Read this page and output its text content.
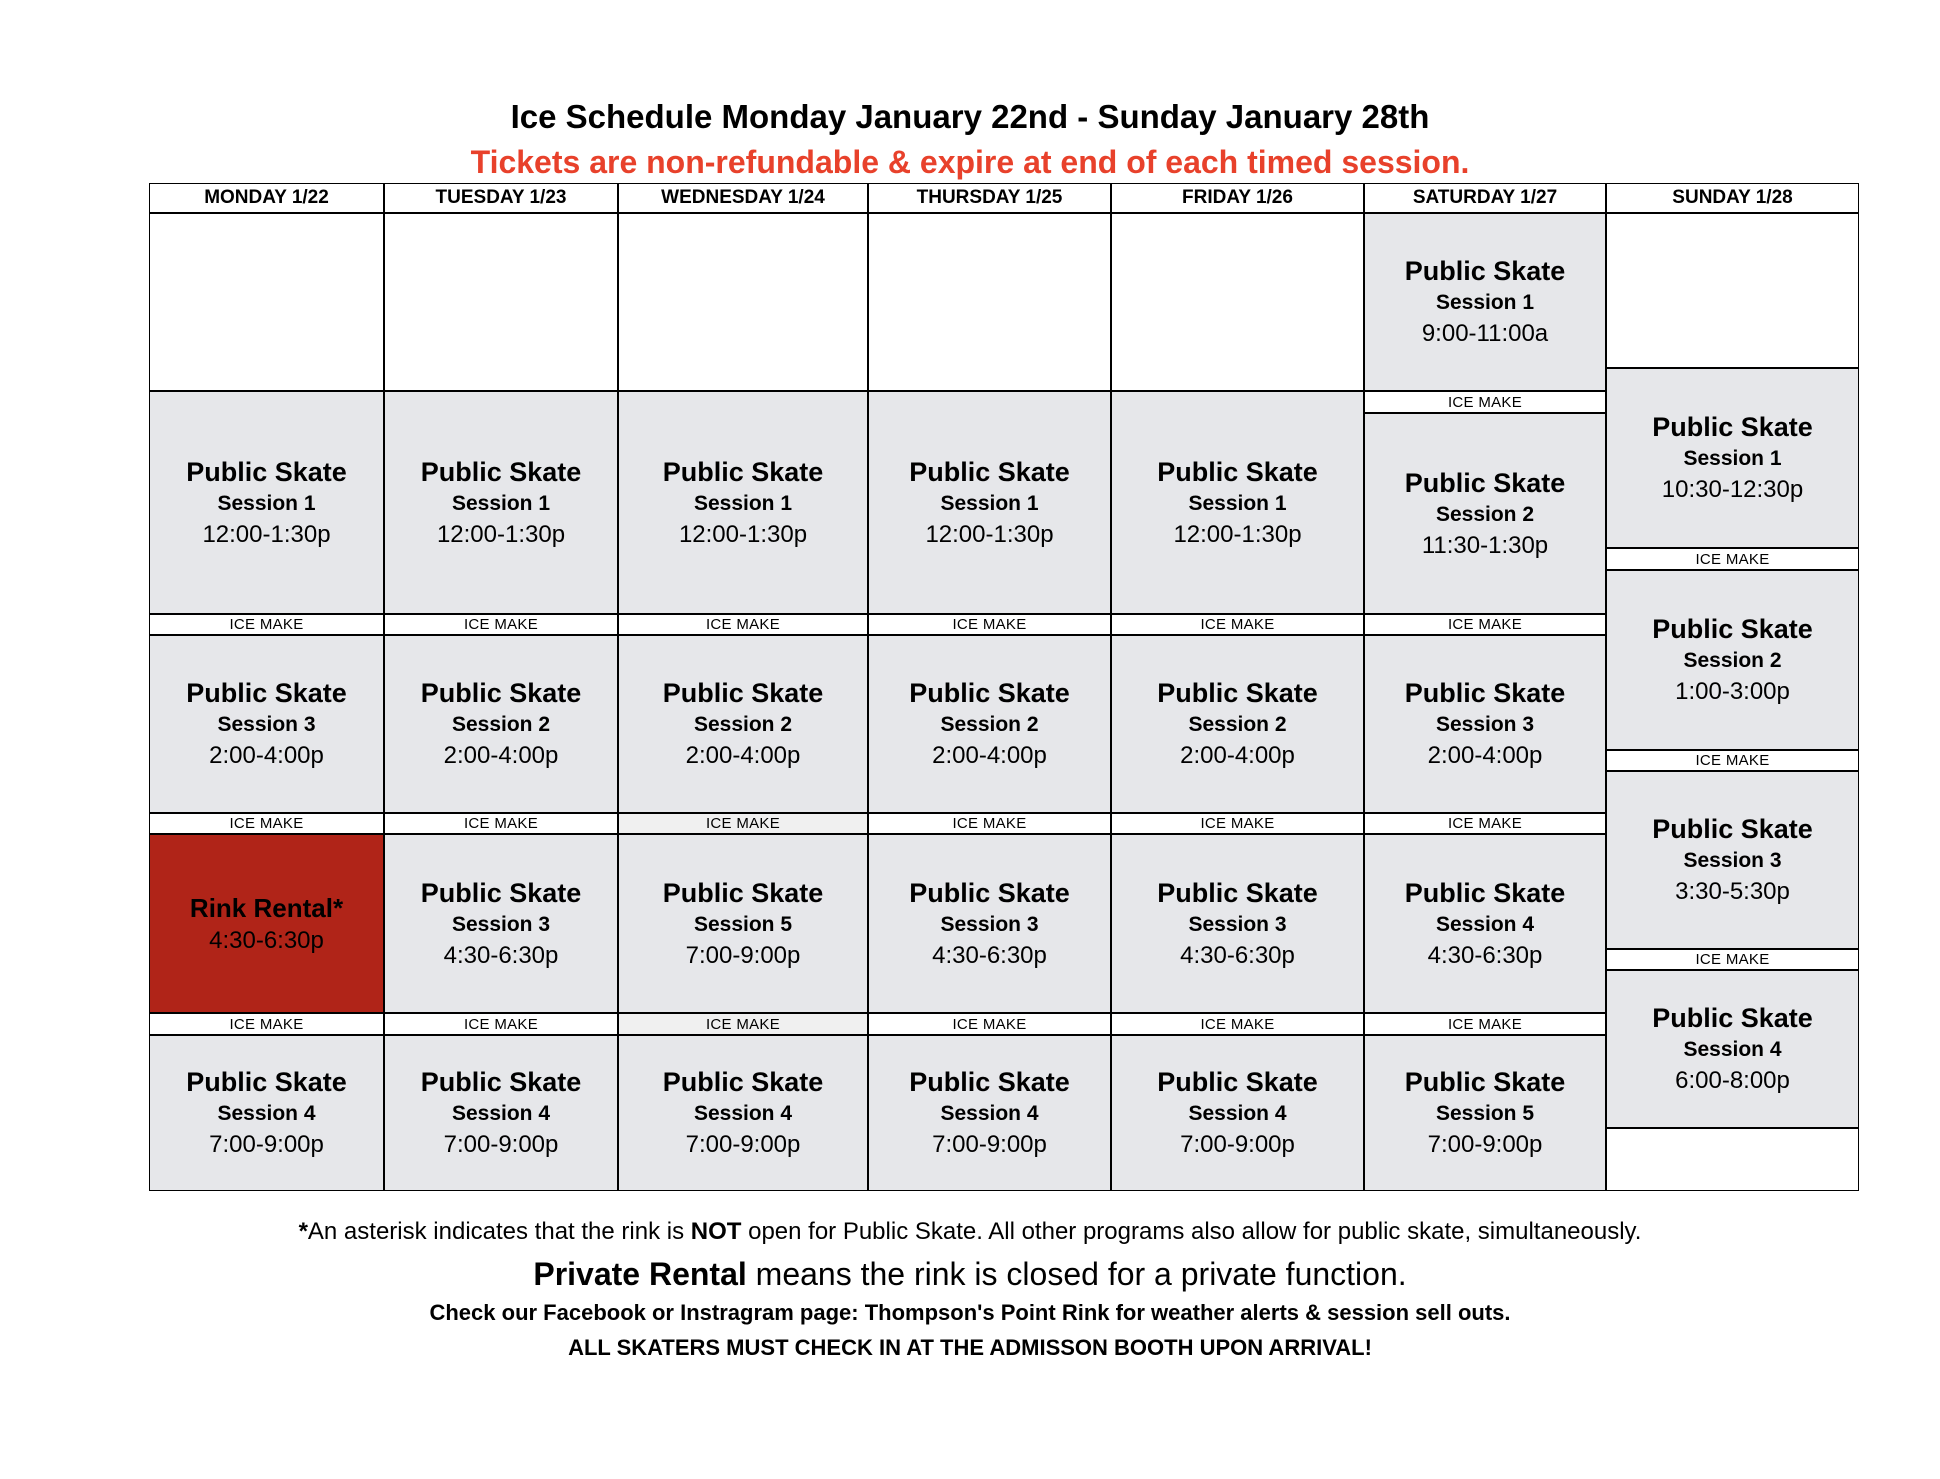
Ice Schedule Monday January 22nd - Sunday January 28th
Tickets are non-refundable & expire at end of each timed session.
MONDAY 1/22
Public Skate
Session 1
12:00-1:30p
ICE MAKE
Public Skate
Session 3
2:00-4:00p
ICE MAKE
Rink Rental*
4:30-6:30p
ICE MAKE
Public Skate
Session 4
7:00-9:00p
TUESDAY 1/23
Public Skate
Session 1
12:00-1:30p
ICE MAKE
Public Skate
Session 2
2:00-4:00p
ICE MAKE
Public Skate
Session 3
4:30-6:30p
ICE MAKE
Public Skate
Session 4
7:00-9:00p
WEDNESDAY 1/24
Public Skate
Session 1
12:00-1:30p
ICE MAKE
Public Skate
Session 2
2:00-4:00p
ICE MAKE
Public Skate
Session 5
7:00-9:00p
ICE MAKE
Public Skate
Session 4
7:00-9:00p
THURSDAY 1/25
Public Skate
Session 1
12:00-1:30p
ICE MAKE
Public Skate
Session 2
2:00-4:00p
ICE MAKE
Public Skate
Session 3
4:30-6:30p
ICE MAKE
Public Skate
Session 4
7:00-9:00p
FRIDAY 1/26
Public Skate
Session 1
12:00-1:30p
ICE MAKE
Public Skate
Session 2
2:00-4:00p
ICE MAKE
Public Skate
Session 3
4:30-6:30p
ICE MAKE
Public Skate
Session 4
7:00-9:00p
SATURDAY 1/27
Public Skate
Session 1
9:00-11:00a
ICE MAKE
Public Skate
Session 2
11:30-1:30p
ICE MAKE
Public Skate
Session 3
2:00-4:00p
ICE MAKE
Public Skate
Session 4
4:30-6:30p
ICE MAKE
Public Skate
Session 5
7:00-9:00p
SUNDAY 1/28
Public Skate
Session 1
10:30-12:30p
ICE MAKE
Public Skate
Session 2
1:00-3:00p
ICE MAKE
Public Skate
Session 3
3:30-5:30p
ICE MAKE
Public Skate
Session 4
6:00-8:00p
*An asterisk indicates that the rink is NOT open for Public Skate. All other programs also allow for public skate, simultaneously.
Private Rental means the rink is closed for a private function.
Check our Facebook or Instragram page: Thompson's Point Rink for weather alerts & session sell outs.
ALL SKATERS MUST CHECK IN AT THE ADMISSON BOOTH UPON ARRIVAL!
